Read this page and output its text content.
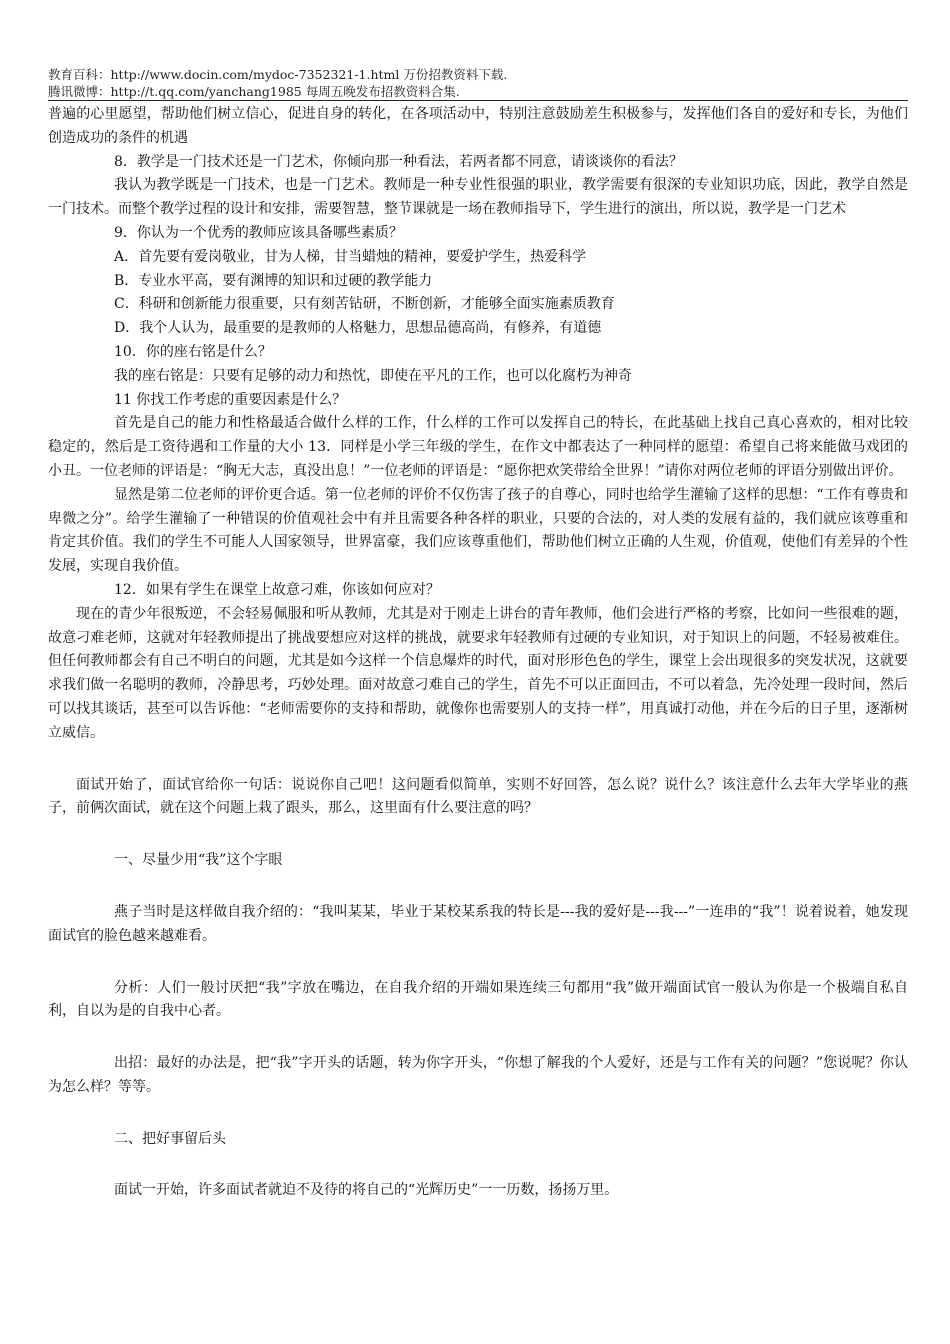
教育百科：http://www.docin.com/mydoc-7352321-1.html 万份招教资料下载.
腾讯微博：http://t.qq.com/yanchang1985 每周五晚发布招教资料合集.

普遍的心里愿望，帮助他们树立信心，促进自身的转化，在各项活动中，特别注意鼓励差生积极参与，发挥他们各自的爱好和专长，为他们创造成功的条件的机遇

8．教学是一门技术还是一门艺术，你倾向那一种看法，若两者都不同意，请谈谈你的看法？

我认为教学既是一门技术，也是一门艺术。教师是一种专业性很强的职业，教学需要有很深的专业知识功底，因此，教学自然是一门技术。而整个教学过程的设计和安排，需要智慧，整节课就是一场在教师指导下，学生进行的演出，所以说，教学是一门艺术

9．你认为一个优秀的教师应该具备哪些素质？

A．首先要有爱岗敬业，甘为人梯，甘当蜡烛的精神，要爱护学生，热爱科学

B．专业水平高，要有渊博的知识和过硬的教学能力

C．科研和创新能力很重要，只有刻苦钻研，不断创新，才能够全面实施素质教育

D．我个人认为，最重要的是教师的人格魅力，思想品德高尚，有修养，有道德

10．你的座右铭是什么？

我的座右铭是：只要有足够的动力和热忱，即使在平凡的工作，也可以化腐朽为神奇

11 你找工作考虑的重要因素是什么？

首先是自己的能力和性格最适合做什么样的工作，什么样的工作可以发挥自己的特长，在此基础上找自己真心喜欢的，相对比较稳定的，然后是工资待遇和工作量的大小 13．同样是小学三年级的学生，在作文中都表达了一种同样的愿望：希望自己将来能做马戏团的小丑。一位老师的评语是：“胸无大志，真没出息！”一位老师的评语是：“愿你把欢笑带给全世界！”请你对两位老师的评语分别做出评价。

显然是第二位老师的评价更合适。第一位老师的评价不仅伤害了孩子的自尊心，同时也给学生灌输了这样的思想：“工作有尊贵和卑微之分”。给学生灌输了一种错误的价值观社会中有并且需要各种各样的职业，只要的合法的，对人类的发展有益的，我们就应该尊重和肯定其价值。我们的学生不可能人人国家领导，世界富豪，我们应该尊重他们，帮助他们树立正确的人生观，价值观，使他们有差异的个性发展，实现自我价值。

12．如果有学生在课堂上故意刁难，你该如何应对？

现在的青少年很叛逆，不会轻易佩服和听从教师，尤其是对于刚走上讲台的青年教师，他们会进行严格的考察，比如问一些很难的题，故意刁难老师，这就对年轻教师提出了挑战要想应对这样的挑战，就要求年轻教师有过硬的专业知识，对于知识上的问题，不轻易被难住。但任何教师都会有自己不明白的问题，尤其是如今这样一个信息爆炸的时代，面对形形色色的学生，课堂上会出现很多的突发状况，这就要求我们做一名聪明的教师，冷静思考，巧妙处理。面对故意刁难自己的学生，首先不可以正面回击，不可以着急，先冷处理一段时间，然后可以找其谈话，甚至可以告诉他：“老师需要你的支持和帮助，就像你也需要别人的支持一样”，用真诚打动他，并在今后的日子里，逐渐树立威信。

面试开始了，面试官给你一句话：说说你自己吧！这问题看似简单，实则不好回答，怎么说？说什么？该注意什么去年大学毕业的燕子，前俩次面试，就在这个问题上栽了跟头，那么，这里面有什么要注意的吗？

一、尽量少用“我”这个字眼

燕子当时是这样做自我介绍的：“我叫某某，毕业于某校某系我的特长是---我的爱好是---我---”一连串的“我”！说着说着，她发现面试官的脸色越来越难看。

分析：人们一般讨厌把“我”字放在嘴边，在自我介绍的开端如果连续三句都用“我”做开端面试官一般认为你是一个极端自私自利，自以为是的自我中心者。

出招：最好的办法是，把“我”字开头的话题，转为你字开头，“你想了解我的个人爱好，还是与工作有关的问题？”您说呢？你认为怎么样？等等。

二、把好事留后头

面试一开始，许多面试者就迫不及待的将自己的“光辉历史”一一历数，扬扬万里。
